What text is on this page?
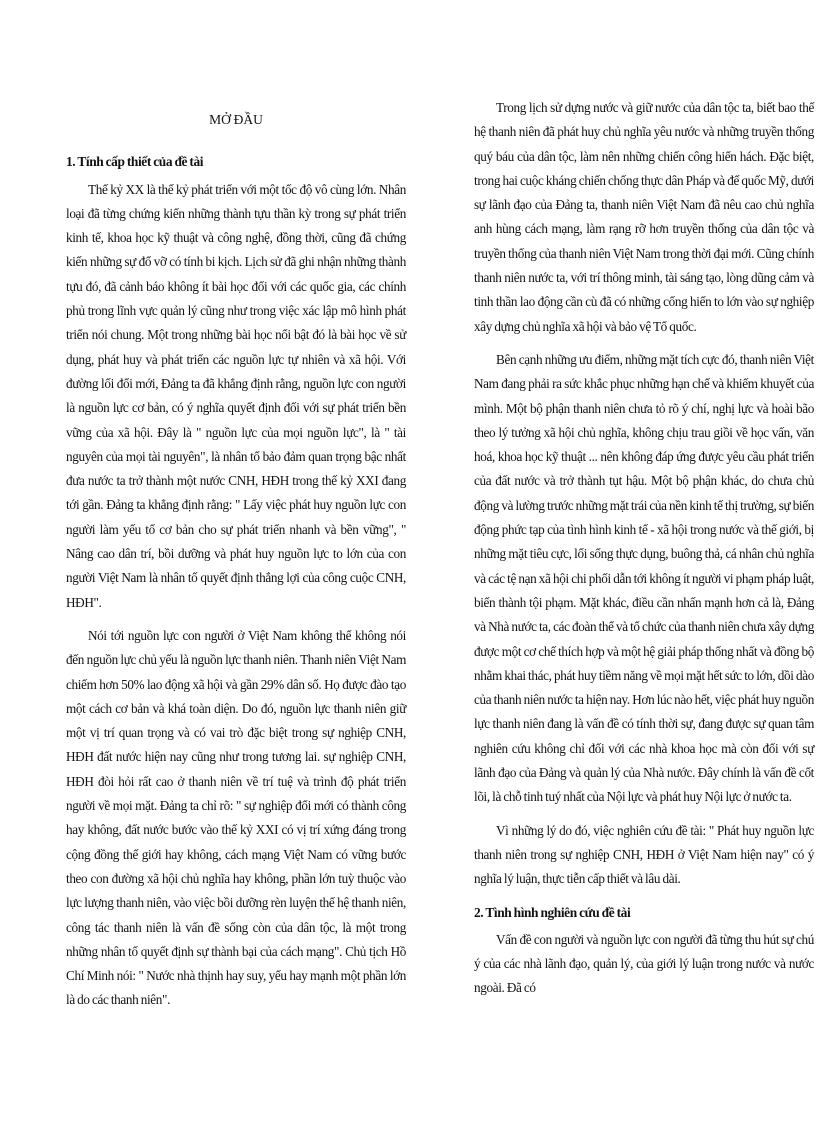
MỞ ĐẦU
1. Tính cấp thiết của đề tài

Thế kỷ XX là thế kỷ phát triển với một tốc độ vô cùng lớn. Nhân loại đã từng chứng kiến những thành tựu thần kỳ trong sự phát triển kinh tế, khoa học kỹ thuật và công nghệ, đồng thời, cũng đã chứng kiến những sự đổ vỡ có tính bi kịch. Lịch sử đã ghi nhận những thành tựu đó, đã cảnh báo không ít bài học đối với các quốc gia, các chính phủ trong lĩnh vực quản lý cũng như trong việc xác lập mô hình phát triển nói chung. Một trong những bài học nổi bật đó là bài học về sử dụng, phát huy và phát triển các nguồn lực tự nhiên và xã hội. Với đường lối đổi mới, Đảng ta đã khẳng định rằng, nguồn lực con người là nguồn lực cơ bản, có ý nghĩa quyết định đối với sự phát triển bền vững của xã hội. Đây là " nguồn lực của mọi nguồn lực", là " tài nguyên của mọi tài nguyên", là nhân tố bảo đảm quan trọng bậc nhất đưa nước ta trở thành một nước CNH, HĐH trong thế kỷ XXI đang tới gần. Đảng ta khẳng định rằng: " Lấy việc phát huy nguồn lực con người làm yếu tố cơ bản cho sự phát triển nhanh và bền vững", " Nâng cao dân trí, bồi dưỡng và phát huy nguồn lực to lớn của con người Việt Nam là nhân tố quyết định thắng lợi của công cuộc CNH, HĐH".

Nói tới nguồn lực con người ở Việt Nam không thể không nói đến nguồn lực chủ yếu là nguồn lực thanh niên. Thanh niên Việt Nam chiếm hơn 50% lao động xã hội và gần 29% dân số. Họ được đào tạo một cách cơ bản và khá toàn diện. Do đó, nguồn lực thanh niên giữ một vị trí quan trọng và có vai trò đặc biệt trong sự nghiệp CNH, HĐH đất nước hiện nay cũng như trong tương lai. sự nghiệp CNH, HĐH đòi hỏi rất cao ở thanh niên về trí tuệ và trình độ phát triển người về mọi mặt. Đảng ta chỉ rõ: " sự nghiệp đổi mới có thành công hay không, đất nước bước vào thế kỷ XXI có vị trí xứng đáng trong cộng đồng thế giới hay không, cách mạng Việt Nam có vững bước theo con đường xã hội chủ nghĩa hay không, phần lớn tuỳ thuộc vào lực lượng thanh niên, vào việc bồi dưỡng rèn luyện thế hệ thanh niên, công tác thanh niên là vấn đề sống còn của dân tộc, là một trong những nhân tố quyết định sự thành bại của cách mạng". Chủ tịch Hồ Chí Minh nói: " Nước nhà thịnh hay suy, yếu hay mạnh một phần lớn là do các thanh niên".

Trong lịch sử dựng nước và giữ nước của dân tộc ta, biết bao thế hệ thanh niên đã phát huy chủ nghĩa yêu nước và những truyền thống quý báu của dân tộc, làm nên những chiến công hiển hách. Đặc biệt, trong hai cuộc kháng chiến chống thực dân Pháp và đế quốc Mỹ, dưới sự lãnh đạo của Đảng ta, thanh niên Việt Nam đã nêu cao chủ nghĩa anh hùng cách mạng, làm rạng rỡ hơn truyền thống của dân tộc và truyền thống của thanh niên Việt Nam trong thời đại mới. Cũng chính thanh niên nước ta, với trí thông minh, tài sáng tạo, lòng dũng cảm và tinh thần lao động cần cù đã có những cống hiến to lớn vào sự nghiệp xây dựng chủ nghĩa xã hội và bảo vệ Tổ quốc.

Bên cạnh những ưu điểm, những mặt tích cực đó, thanh niên Việt Nam đang phải ra sức khắc phục những hạn chế và khiếm khuyết của mình. Một bộ phận thanh niên chưa tỏ rõ ý chí, nghị lực và hoài bão theo lý tưởng xã hội chủ nghĩa, không chịu trau giồi về học vấn, văn hoá, khoa học kỹ thuật ... nên không đáp ứng được yêu cầu phát triển của đất nước và trở thành tụt hậu. Một bộ phận khác, do chưa chủ động và lường trước những mặt trái của nền kinh tế thị trường, sự biến động phức tạp của tình hình kinh tế - xã hội trong nước và thế giới, bị những mặt tiêu cực, lối sống thực dụng, buông thả, cá nhân chủ nghĩa và các tệ nạn xã hội chi phối dẫn tới không ít người vi phạm pháp luật, biến thành tội phạm. Mặt khác, điều cần nhấn mạnh hơn cả là, Đảng và Nhà nước ta, các đoàn thể và tổ chức của thanh niên chưa xây dựng được một cơ chế thích hợp và một hệ giải pháp thống nhất và đồng bộ nhằm khai thác, phát huy tiềm năng về mọi mặt hết sức to lớn, dồi dào của thanh niên nước ta hiện nay. Hơn lúc nào hết, việc phát huy nguồn lực thanh niên đang là vấn đề có tính thời sự, đang được sự quan tâm nghiên cứu không chỉ đối với các nhà khoa học mà còn đối với sự lãnh đạo của Đảng và quản lý của Nhà nước. Đây chính là vấn đề cốt lõi, là chỗ tinh tuý nhất của Nội lực và phát huy Nội lực ở nước ta.

Vì những lý do đó, việc nghiên cứu đề tài: " Phát huy nguồn lực thanh niên trong sự nghiệp CNH, HĐH ở Việt Nam hiện nay" có ý nghĩa lý luận, thực tiễn cấp thiết và lâu dài.

2. Tình hình nghiên cứu đề tài

Vấn đề con người và nguồn lực con người đã từng thu hút sự chú ý của các nhà lãnh đạo, quản lý, của giới lý luận trong nước và nước ngoài. Đã có
